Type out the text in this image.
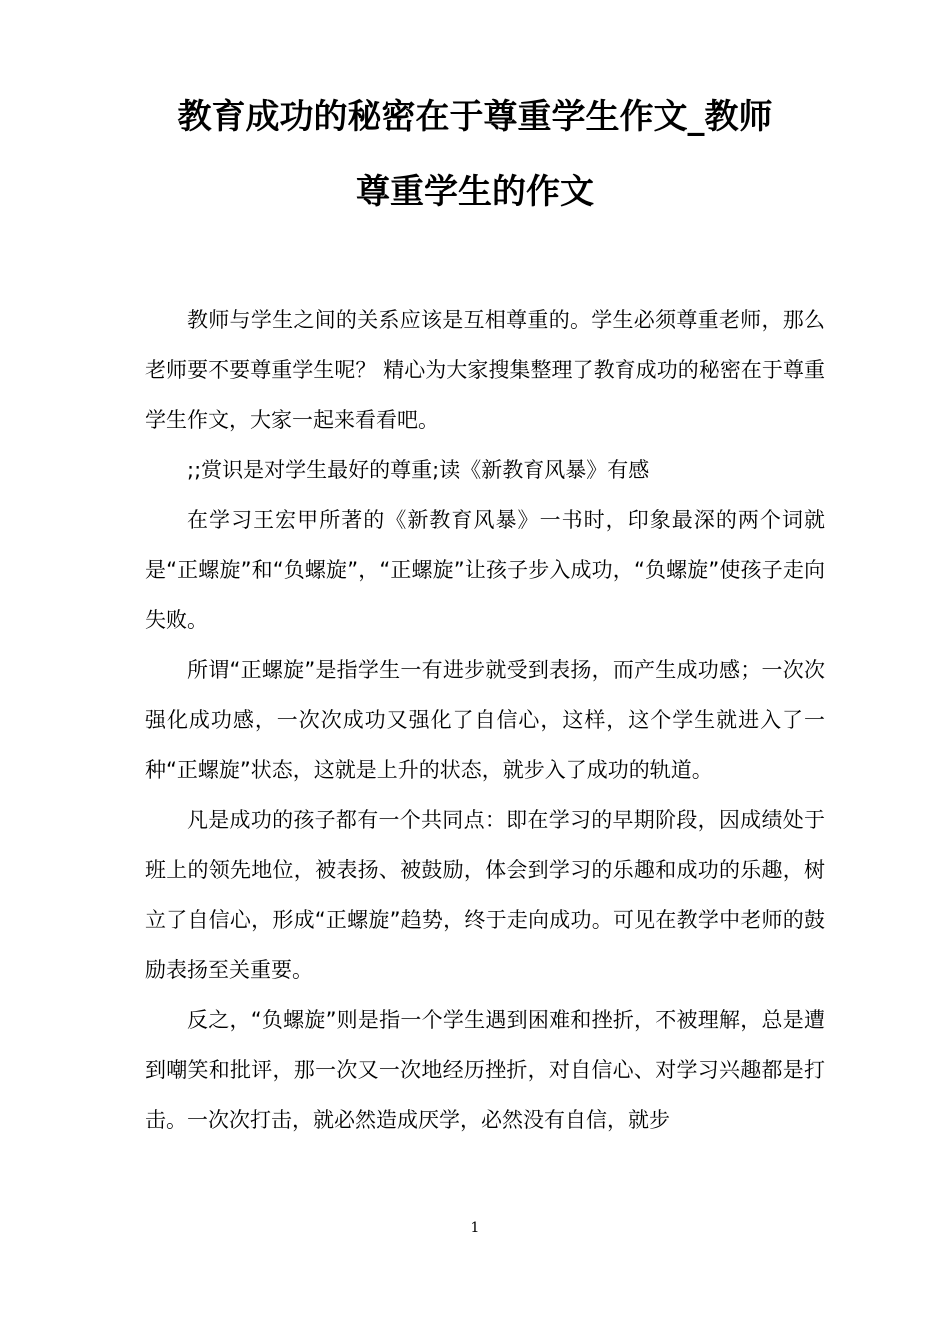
教育成功的秘密在于尊重学生作文_教师
尊重学生的作文

教师与学生之间的关系应该是互相尊重的。学生必须尊重老师，那么老师要不要尊重学生呢？ 精心为大家搜集整理了教育成功的秘密在于尊重学生作文，大家一起来看看吧。

;;赏识是对学生最好的尊重;读《新教育风暴》有感

在学习王宏甲所著的《新教育风暴》一书时，印象最深的两个词就是“正螺旋”和“负螺旋”，“正螺旋”让孩子步入成功，“负螺旋”使孩子走向失败。

所谓“正螺旋”是指学生一有进步就受到表扬，而产生成功感；一次次强化成功感，一次次成功又强化了自信心，这样，这个学生就进入了一种“正螺旋”状态，这就是上升的状态，就步入了成功的轨道。

凡是成功的孩子都有一个共同点：即在学习的早期阶段，因成绩处于班上的领先地位，被表扬、被鼓励，体会到学习的乐趣和成功的乐趣，树立了自信心，形成“正螺旋”趋势，终于走向成功。可见在教学中老师的鼓励表扬至关重要。

反之，“负螺旋”则是指一个学生遇到困难和挫折，不被理解，总是遭到嘲笑和批评，那一次又一次地经历挫折，对自信心、对学习兴趣都是打击。一次次打击，就必然造成厌学，必然没有自信，就步

1
